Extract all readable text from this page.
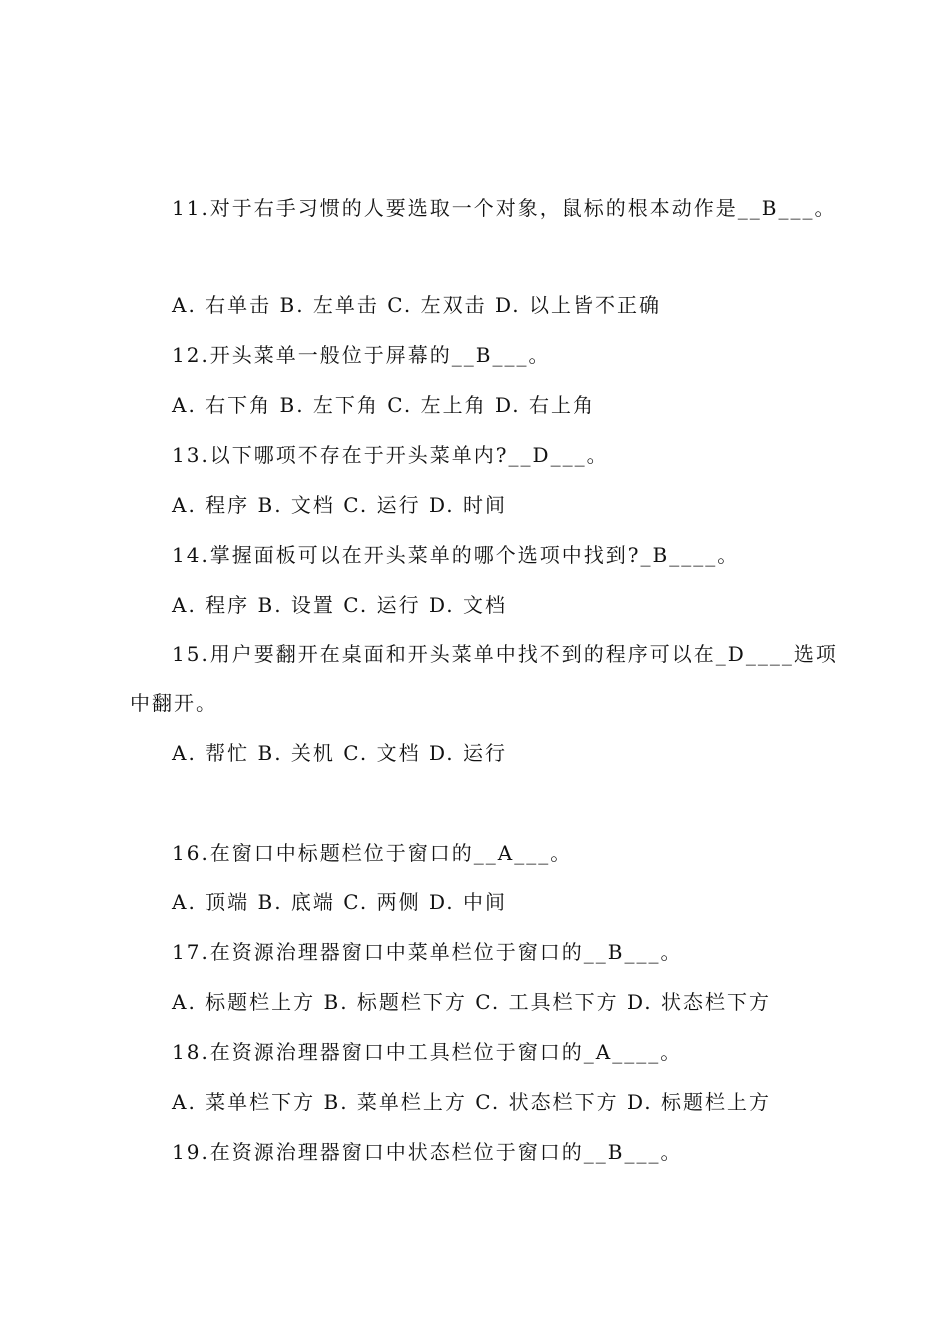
11.对于右手习惯的人要选取一个对象，鼠标的根本动作是__B___。
A. 右单击 B. 左单击 C. 左双击 D. 以上皆不正确
12.开头菜单一般位于屏幕的__B___。
A. 右下角 B. 左下角 C. 左上角 D. 右上角
13.以下哪项不存在于开头菜单内?__D___。
A. 程序 B. 文档 C. 运行 D. 时间
14.掌握面板可以在开头菜单的哪个选项中找到?_B____。
A. 程序 B. 设置 C. 运行 D. 文档
15.用户要翻开在桌面和开头菜单中找不到的程序可以在_D____选项
中翻开。
A. 帮忙 B. 关机 C. 文档 D. 运行
16.在窗口中标题栏位于窗口的__A___。
A. 顶端 B. 底端 C. 两侧 D. 中间
17.在资源治理器窗口中菜单栏位于窗口的__B___。
A. 标题栏上方 B. 标题栏下方 C. 工具栏下方 D. 状态栏下方
18.在资源治理器窗口中工具栏位于窗口的_A____。
A. 菜单栏下方 B. 菜单栏上方 C. 状态栏下方 D. 标题栏上方
19.在资源治理器窗口中状态栏位于窗口的__B___。
